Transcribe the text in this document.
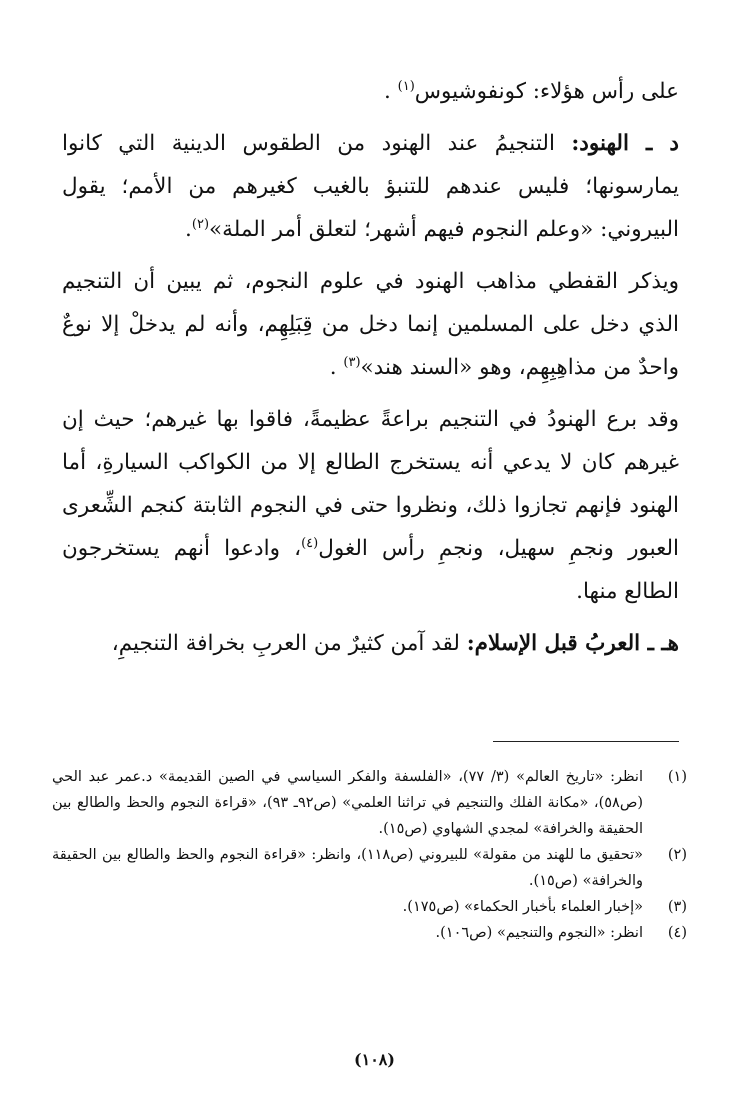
على رأس هؤلاء: كونفوشيوس$^{(١)}$ .

د ـ الهنود: التنجيمُ عند الهنود من الطقوس الدينية التي كانوا يمارسونها؛ فليس عندهم للتنبؤ بالغيب كغيرهم من الأمم؛ يقول البيروني: «وعلم النجوم فيهم أشهر؛ لتعلق أمر الملة»$^{(٢)}$.

ويذكر القفطي مذاهب الهنود في علوم النجوم، ثم يبين أن التنجيم الذي دخل على المسلمين إنما دخل من قِبَلِهِم، وأنه لم يدخلْ إلا نوعٌ واحدٌ من مذاهِبِهِم، وهو «السند هند»$^{(٣)}$ .

وقد برع الهنودُ في التنجيم براعةً عظيمةً، فاقوا بها غيرهم؛ حيث إن غيرهم كان لا يدعي أنه يستخرج الطالع إلا من الكواكب السيارةِ، أما الهنود فإنهم تجازوا ذلك، ونظروا حتى في النجوم الثابتة كنجم الشِّعرى العبور ونجمِ سهيل، ونجمِ رأس الغول$^{(٤)}$، وادعوا أنهم يستخرجون الطالع منها.

هـ ـ العربُ قبل الإسلام: لقد آمن كثيرٌ من العربِ بخرافة التنجيمِ،

(١)
انظر: «تاريخ العالم» (٣/ ٧٧)، «الفلسفة والفكر السياسي في الصين القديمة» د.عمر عبد الحي (ص٥٨)، «مكانة الفلك والتنجيم في تراثنا العلمي» (ص٩٢ـ ٩٣)، «قراءة النجوم والحظ والطالع بين الحقيقة والخرافة» لمجدي الشهاوي (ص١٥).
(٢)
«تحقيق ما للهند من مقولة» للبيروني (ص١١٨)، وانظر: «قراءة النجوم والحظ والطالع بين الحقيقة والخرافة» (ص١٥).
(٣)
«إخبار العلماء بأخبار الحكماء» (ص١٧٥).
(٤)
انظر: «النجوم والتنجيم» (ص١٠٦).
(١٠٨)
